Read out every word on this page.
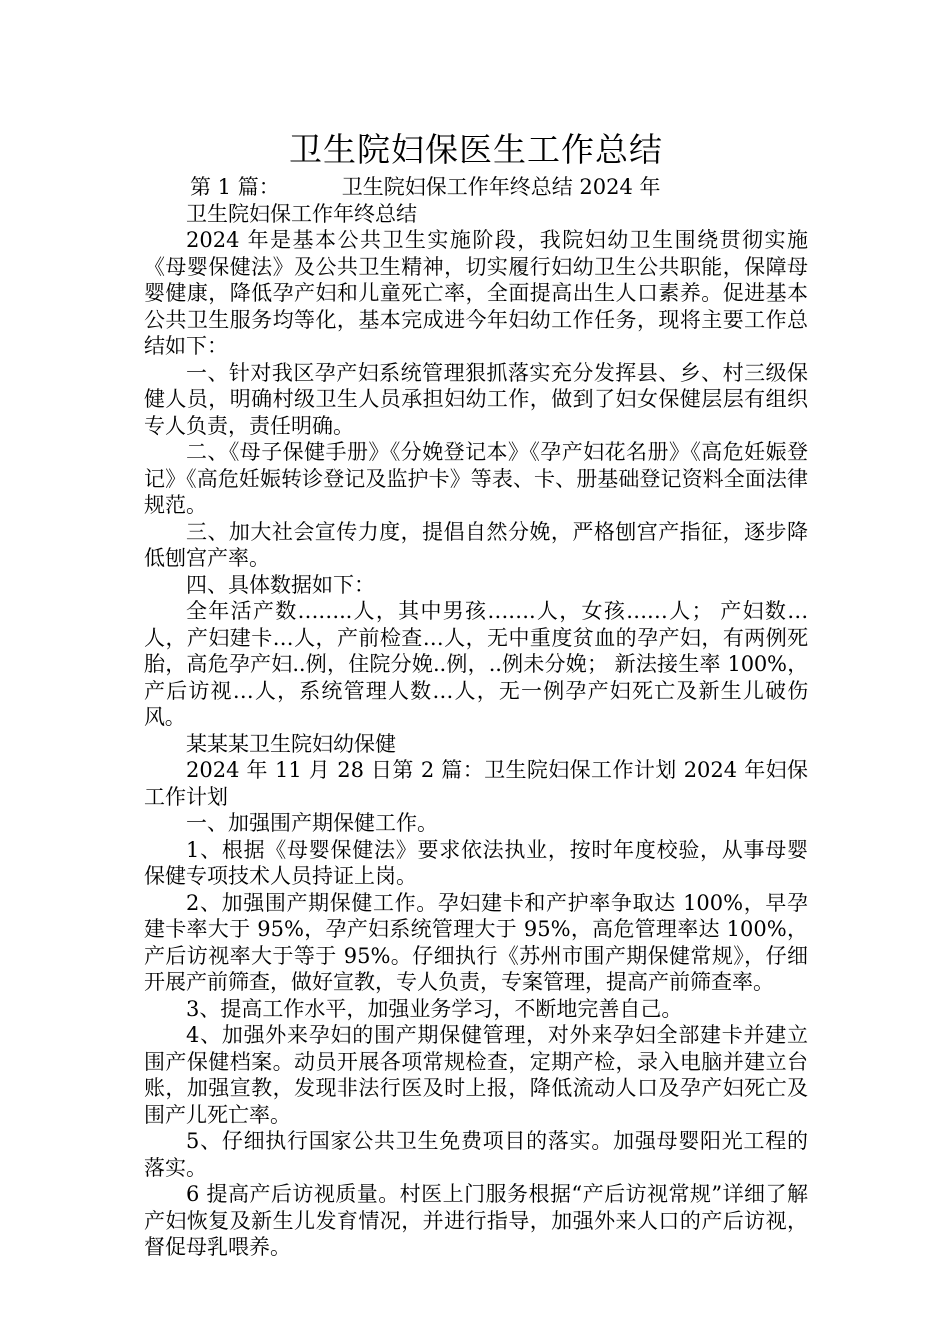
卫生院妇保医生工作总结
第 1 篇：	卫生院妇保工作年终总结 2024 年

卫生院妇保工作年终总结

2024 年是基本公共卫生实施阶段，我院妇幼卫生围绕贯彻实施《母婴保健法》及公共卫生精神，切实履行妇幼卫生公共职能，保障母婴健康，降低孕产妇和儿童死亡率，全面提高出生人口素养。促进基本公共卫生服务均等化，基本完成进今年妇幼工作任务，现将主要工作总结如下：

一、针对我区孕产妇系统管理狠抓落实充分发挥县、乡、村三级保健人员，明确村级卫生人员承担妇幼工作，做到了妇女保健层层有组织专人负责，责任明确。

二、《母子保健手册》《分娩登记本》《孕产妇花名册》《高危妊娠登记》《高危妊娠转诊登记及监护卡》等表、卡、册基础登记资料全面法律规范。

三、加大社会宣传力度，提倡自然分娩，严格刨宫产指征，逐步降低刨宫产率。

四、具体数据如下：

全年活产数……..人，其中男孩…….人，女孩……人； 产妇数…人，产妇建卡…人，产前检查…人，无中重度贫血的孕产妇，有两例死胎，高危孕产妇..例，住院分娩..例，..例未分娩； 新法接生率 100%，产后访视…人，系统管理人数…人，无一例孕产妇死亡及新生儿破伤风。

某某某卫生院妇幼保健

2024 年 11 月 28 日第 2 篇：卫生院妇保工作计划 2024 年妇保工作计划

一、加强围产期保健工作。

1、根据《母婴保健法》要求依法执业，按时年度校验，从事母婴保健专项技术人员持证上岗。

2、加强围产期保健工作。孕妇建卡和产护率争取达 100%，早孕建卡率大于 95%，孕产妇系统管理大于 95%，高危管理率达 100%，产后访视率大于等于 95%。仔细执行《苏州市围产期保健常规》，仔细开展产前筛查，做好宣教，专人负责，专案管理，提高产前筛查率。

3、提高工作水平，加强业务学习，不断地完善自己。

4、加强外来孕妇的围产期保健管理，对外来孕妇全部建卡并建立围产保健档案。动员开展各项常规检查，定期产检，录入电脑并建立台账，加强宣教，发现非法行医及时上报，降低流动人口及孕产妇死亡及围产儿死亡率。

5、仔细执行国家公共卫生免费项目的落实。加强母婴阳光工程的落实。

6 提高产后访视质量。村医上门服务根据“产后访视常规”详细了解产妇恢复及新生儿发育情况，并进行指导，加强外来人口的产后访视，督促母乳喂养。
